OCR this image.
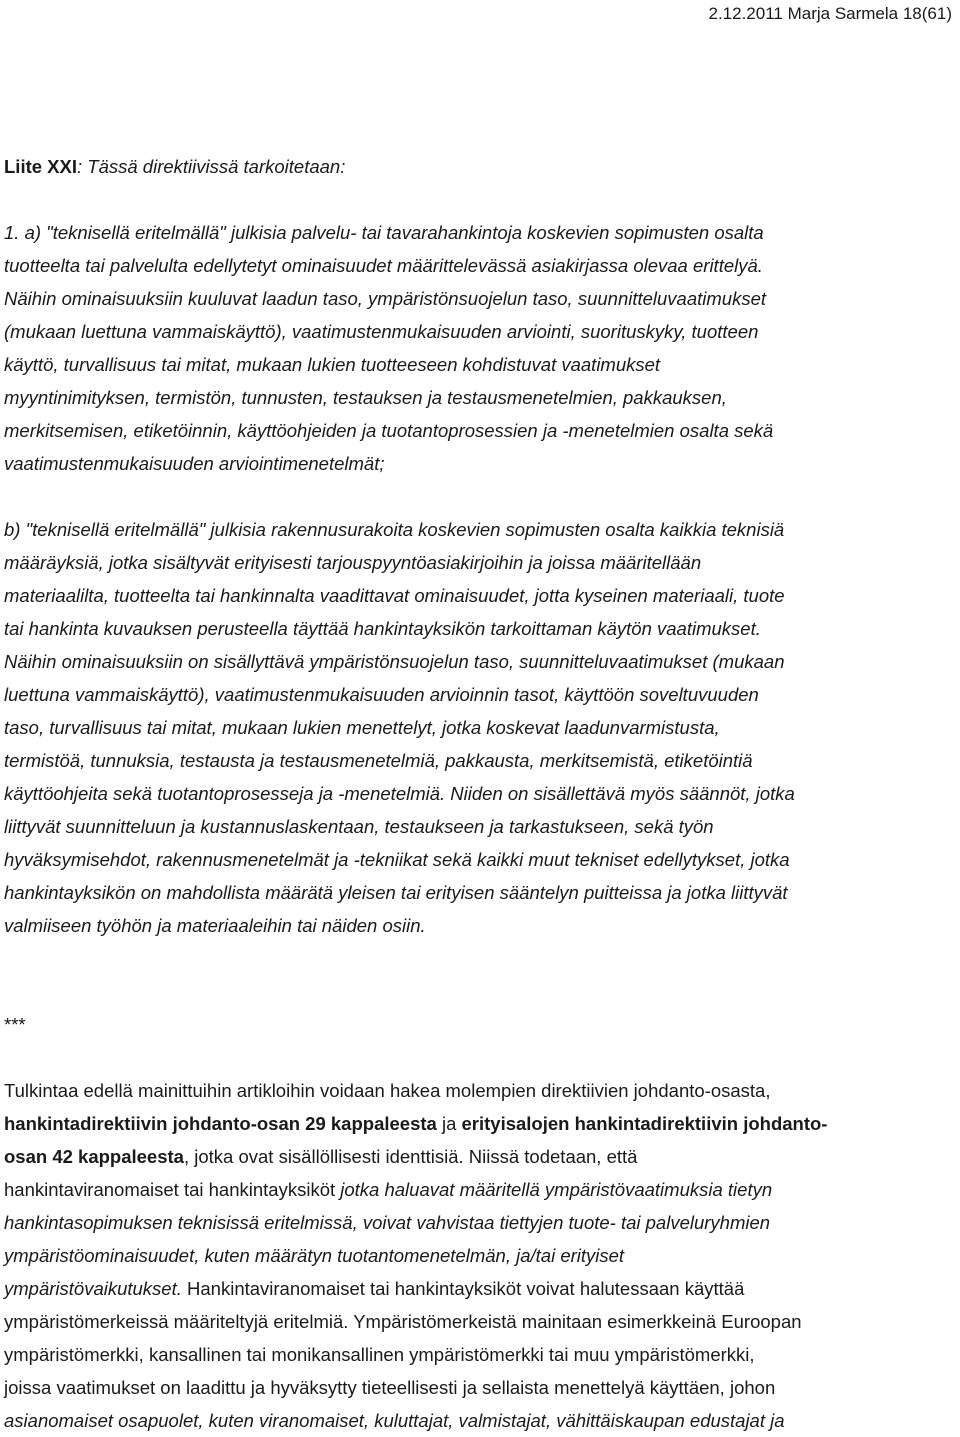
2.12.2011 Marja Sarmela 18(61)
Liite XXI: Tässä direktiivissä tarkoitetaan:
1. a) "teknisellä eritelmällä" julkisia palvelu- tai tavarahankintoja koskevien sopimusten osalta
tuotteelta tai palvelulta edellytetyt ominaisuudet määrittelevässä asiakirjassa olevaa erittelyä.
Näihin ominaisuuksiin kuuluvat laadun taso, ympäristönsuojelun taso, suunnitteluvaatimukset
(mukaan luettuna vammaiskäyttö), vaatimustenmukaisuuden arviointi, suorituskyky, tuotteen
käyttö, turvallisuus tai mitat, mukaan lukien tuotteeseen kohdistuvat vaatimukset
myyntinimityksen, termistön, tunnusten, testauksen ja testausmenetelmien, pakkauksen,
merkitsemisen, etiketöinnin, käyttöohjeiden ja tuotantoprosessien ja -menetelmien osalta sekä
vaatimustenmukaisuuden arviointimenetelmät;
b) "teknisellä eritelmällä" julkisia rakennusurakoita koskevien sopimusten osalta kaikkia teknisiä
määräyksiä, jotka sisältyvät erityisesti tarjouspyyntöasiakirjoihin ja joissa määritellään
materiaalilta, tuotteelta tai hankinnalta vaadittavat ominaisuudet, jotta kyseinen materiaali, tuote
tai hankinta kuvauksen perusteella täyttää hankintayksikön tarkoittaman käytön vaatimukset.
Näihin ominaisuuksiin on sisällyttävä ympäristönsuojelun taso, suunnitteluvaatimukset (mukaan
luettuna vammaiskäyttö), vaatimustenmukaisuuden arvioinnin tasot, käyttöön soveltuvuuden
taso, turvallisuus tai mitat, mukaan lukien menettelyt, jotka koskevat laadunvarmistusta,
termistöä, tunnuksia, testausta ja testausmenetelmiä, pakkausta, merkitsemistä, etiketöintiä
käyttöohjeita sekä tuotantoprosesseja ja -menetelmiä. Niiden on sisällettävä myös säännöt, jotka
liittyvät suunnitteluun ja kustannuslaskentaan, testaukseen ja tarkastukseen, sekä työn
hyväksymisehdot, rakennusmenetelmät ja -tekniikat sekä kaikki muut tekniset edellytykset, jotka
hankintayksikön on mahdollista määrätä yleisen tai erityisen sääntelyn puitteissa ja jotka liittyvät
valmiiseen työhön ja materiaaleihin tai näiden osiin.
***
Tulkintaa edellä mainittuihin artikloihin voidaan hakea molempien direktiivien johdanto-osasta,
hankintadirektiivin johdanto-osan 29 kappaleesta ja erityisalojen hankintadirektiivin johdanto-
osan 42 kappaleesta, jotka ovat sisällöllisesti identtisiä. Niissä todetaan, että
hankintaviranomaiset tai hankintayksiköt jotka haluavat määritellä ympäristövaatimuksia tietyn
hankintasopimuksen teknisissä eritelmissä, voivat vahvistaa tiettyjen tuote- tai palveluryhmien
ympäristöominaisuudet, kuten määrätyn tuotantomenetelmän, ja/tai erityiset
ympäristövaikutukset. Hankintaviranomaiset tai hankintayksiköt voivat halutessaan käyttää
ympäristömerkeissä määriteltyjä eritelmiä. Ympäristömerkeistä mainitaan esimerkkeinä Euroopan
ympäristömerkki, kansallinen tai monikansallinen ympäristömerkki tai muu ympäristömerkki,
joissa vaatimukset on laadittu ja hyväksytty tieteellisesti ja sellaista menettelyä käyttäen, johon
asianomaiset osapuolet, kuten viranomaiset, kuluttajat, valmistajat, vähittäiskaupan edustajat ja
